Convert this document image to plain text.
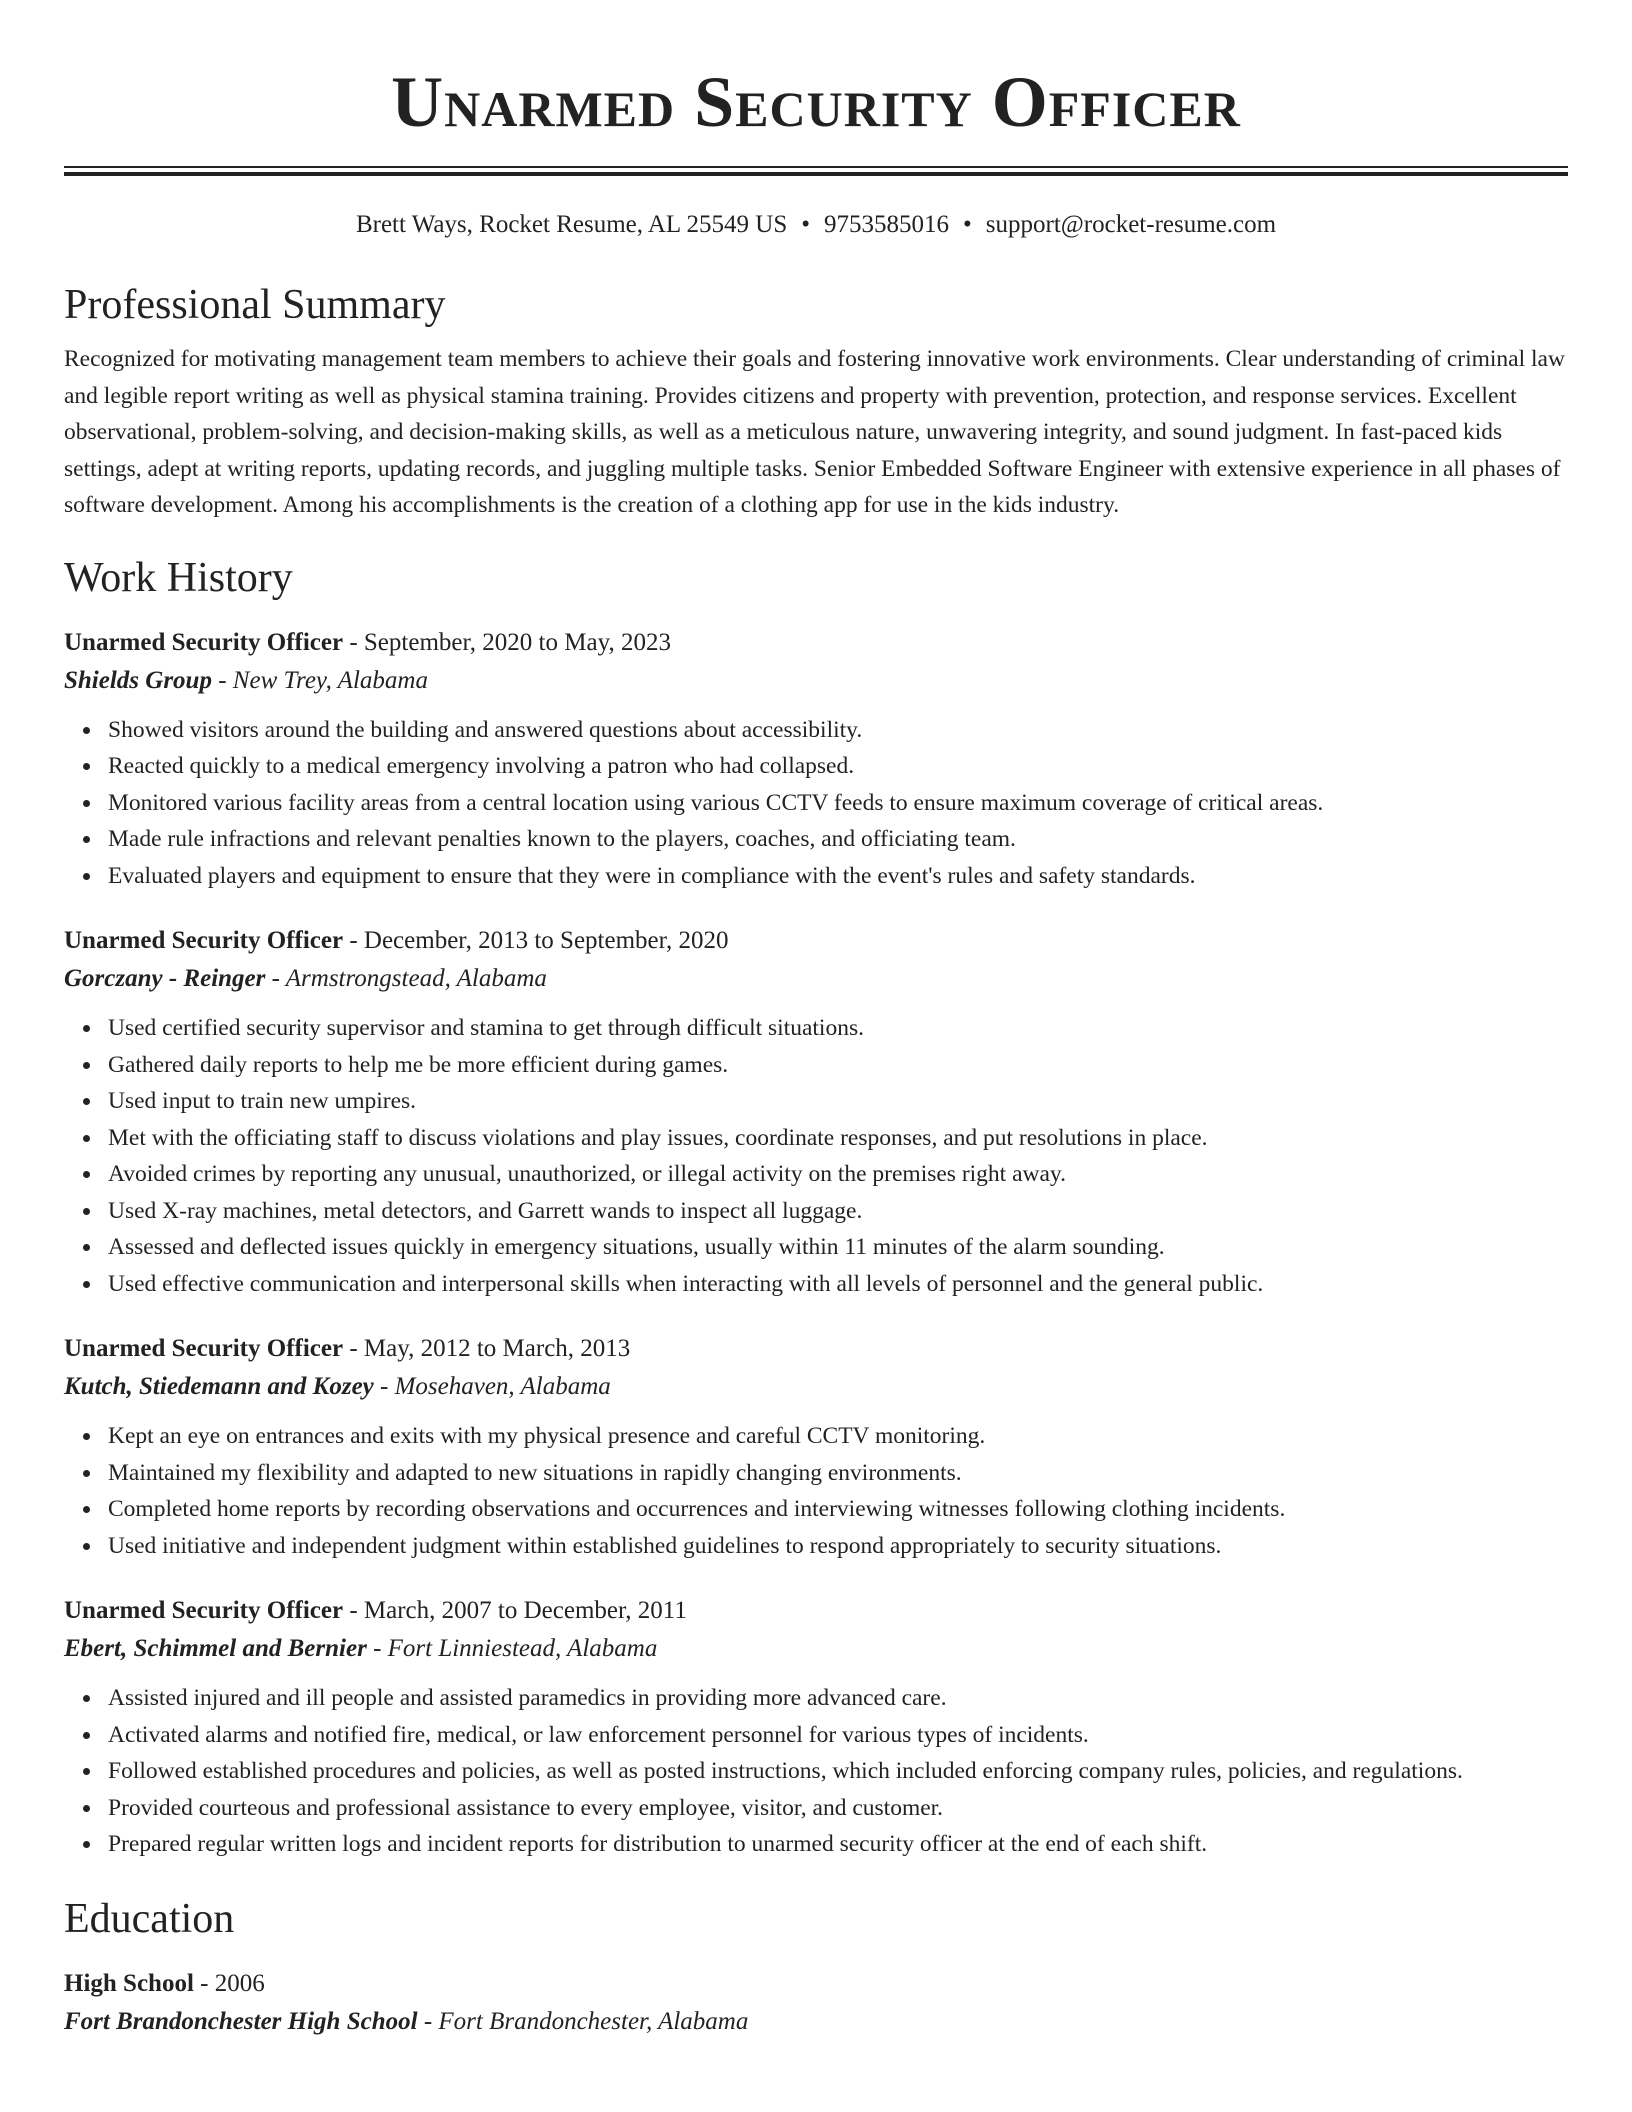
Unarmed Security Officer
Brett Ways, Rocket Resume, AL 25549 US • 9753585016 • support@rocket-resume.com
Professional Summary

Recognized for motivating management team members to achieve their goals and fostering innovative work environments. Clear understanding of criminal law and legible report writing as well as physical stamina training. Provides citizens and property with prevention, protection, and response services. Excellent observational, problem-solving, and decision-making skills, as well as a meticulous nature, unwavering integrity, and sound judgment. In fast-paced kids settings, adept at writing reports, updating records, and juggling multiple tasks. Senior Embedded Software Engineer with extensive experience in all phases of software development. Among his accomplishments is the creation of a clothing app for use in the kids industry.

Work History
Unarmed Security Officer - September, 2020 to May, 2023
Shields Group - New Trey, Alabama
Showed visitors around the building and answered questions about accessibility.
Reacted quickly to a medical emergency involving a patron who had collapsed.
Monitored various facility areas from a central location using various CCTV feeds to ensure maximum coverage of critical areas.
Made rule infractions and relevant penalties known to the players, coaches, and officiating team.
Evaluated players and equipment to ensure that they were in compliance with the event's rules and safety standards.
Unarmed Security Officer - December, 2013 to September, 2020
Gorczany - Reinger - Armstrongstead, Alabama
Used certified security supervisor and stamina to get through difficult situations.
Gathered daily reports to help me be more efficient during games.
Used input to train new umpires.
Met with the officiating staff to discuss violations and play issues, coordinate responses, and put resolutions in place.
Avoided crimes by reporting any unusual, unauthorized, or illegal activity on the premises right away.
Used X-ray machines, metal detectors, and Garrett wands to inspect all luggage.
Assessed and deflected issues quickly in emergency situations, usually within 11 minutes of the alarm sounding.
Used effective communication and interpersonal skills when interacting with all levels of personnel and the general public.
Unarmed Security Officer - May, 2012 to March, 2013
Kutch, Stiedemann and Kozey - Mosehaven, Alabama
Kept an eye on entrances and exits with my physical presence and careful CCTV monitoring.
Maintained my flexibility and adapted to new situations in rapidly changing environments.
Completed home reports by recording observations and occurrences and interviewing witnesses following clothing incidents.
Used initiative and independent judgment within established guidelines to respond appropriately to security situations.
Unarmed Security Officer - March, 2007 to December, 2011
Ebert, Schimmel and Bernier - Fort Linniestead, Alabama
Assisted injured and ill people and assisted paramedics in providing more advanced care.
Activated alarms and notified fire, medical, or law enforcement personnel for various types of incidents.
Followed established procedures and policies, as well as posted instructions, which included enforcing company rules, policies, and regulations.
Provided courteous and professional assistance to every employee, visitor, and customer.
Prepared regular written logs and incident reports for distribution to unarmed security officer at the end of each shift.
Education
High School - 2006
Fort Brandonchester High School - Fort Brandonchester, Alabama
